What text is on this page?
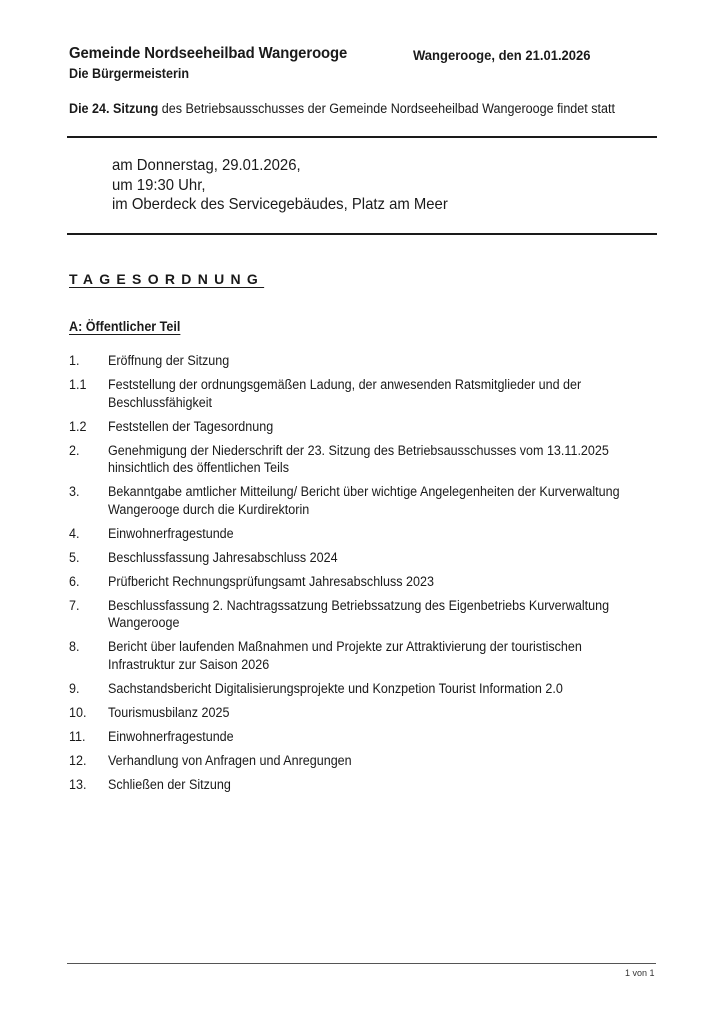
Gemeinde Nordseeheilbad Wangerooge	Wangerooge, den 21.01.2026
Die Bürgermeisterin
Die 24. Sitzung des Betriebsausschusses der Gemeinde Nordseeheilbad Wangerooge findet statt
am Donnerstag, 29.01.2026,
um 19:30 Uhr,
im Oberdeck des Servicegebäudes, Platz am Meer
TAGESORDNUNG
A: Öffentlicher Teil
1.	Eröffnung der Sitzung
1.1	Feststellung der ordnungsgemäßen Ladung, der anwesenden Ratsmitglieder und der Beschlussfähigkeit
1.2	Feststellen der Tagesordnung
2.	Genehmigung der Niederschrift der 23. Sitzung des Betriebsausschusses vom 13.11.2025 hinsichtlich des öffentlichen Teils
3.	Bekanntgabe amtlicher Mitteilung/ Bericht über wichtige Angelegenheiten der Kurverwaltung Wangerooge durch die Kurdirektorin
4.	Einwohnerfragestunde
5.	Beschlussfassung Jahresabschluss 2024
6.	Prüfbericht Rechnungsprüfungsamt Jahresabschluss 2023
7.	Beschlussfassung 2. Nachtragssatzung Betriebssatzung des Eigenbetriebs Kurverwaltung Wangerooge
8.	Bericht über laufenden Maßnahmen und Projekte zur Attraktivierung der touristischen Infrastruktur zur Saison 2026
9.	Sachstandsbericht Digitalisierungsprojekte und Konzpetion Tourist Information 2.0
10.	Tourismusbilanz 2025
11.	Einwohnerfragestunde
12.	Verhandlung von Anfragen und Anregungen
13.	Schließen der Sitzung
1 von 1
